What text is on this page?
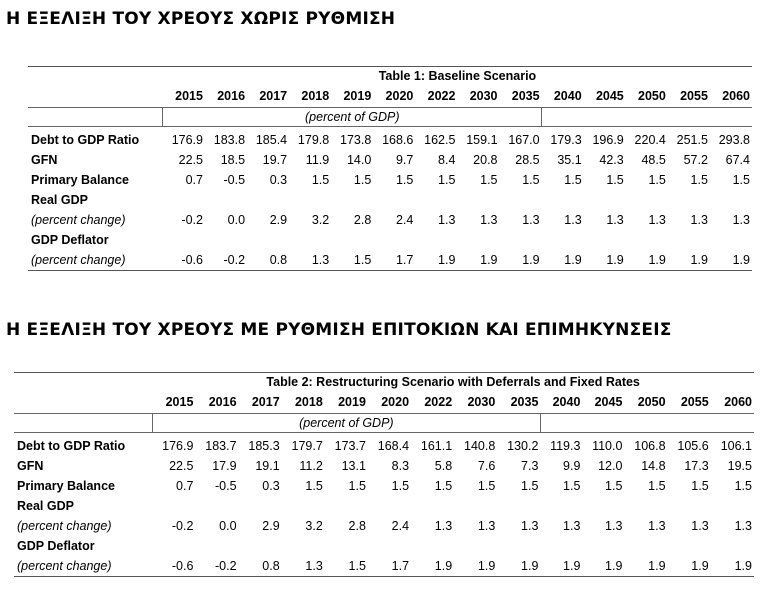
Η ΕΞΕΛΙΞΗ ΤΟΥ ΧΡΕΟΥΣ ΧΩΡΙΣ ΡΥΘΜΙΣΗ
	Table 1: Baseline Scenario													
	2015	2016	2017	2018	2019	2020	2022	2030	2035	2040	2045	2050	2055	2060
	(percent of GDP)													
Debt to GDP Ratio	176.9	183.8	185.4	179.8	173.8	168.6	162.5	159.1	167.0	179.3	196.9	220.4	251.5	293.8
GFN	22.5	18.5	19.7	11.9	14.0	9.7	8.4	20.8	28.5	35.1	42.3	48.5	57.2	67.4
Primary Balance	0.7	-0.5	0.3	1.5	1.5	1.5	1.5	1.5	1.5	1.5	1.5	1.5	1.5	1.5
Real GDP														
(percent change)	-0.2	0.0	2.9	3.2	2.8	2.4	1.3	1.3	1.3	1.3	1.3	1.3	1.3	1.3
GDP Deflator														
(percent change)	-0.6	-0.2	0.8	1.3	1.5	1.7	1.9	1.9	1.9	1.9	1.9	1.9	1.9	1.9
Η ΕΞΕΛΙΞΗ ΤΟΥ ΧΡΕΟΥΣ ΜΕ ΡΥΘΜΙΣΗ ΕΠΙΤΟΚΙΩΝ ΚΑΙ ΕΠΙΜΗΚΥΝΣΕΙΣ
	Table 2: Restructuring Scenario with Deferrals and Fixed Rates													
	2015	2016	2017	2018	2019	2020	2022	2030	2035	2040	2045	2050	2055	2060
	(percent of GDP)													
Debt to GDP Ratio	176.9	183.7	185.3	179.7	173.7	168.4	161.1	140.8	130.2	119.3	110.0	106.8	105.6	106.1
GFN	22.5	17.9	19.1	11.2	13.1	8.3	5.8	7.6	7.3	9.9	12.0	14.8	17.3	19.5
Primary Balance	0.7	-0.5	0.3	1.5	1.5	1.5	1.5	1.5	1.5	1.5	1.5	1.5	1.5	1.5
Real GDP														
(percent change)	-0.2	0.0	2.9	3.2	2.8	2.4	1.3	1.3	1.3	1.3	1.3	1.3	1.3	1.3
GDP Deflator														
(percent change)	-0.6	-0.2	0.8	1.3	1.5	1.7	1.9	1.9	1.9	1.9	1.9	1.9	1.9	1.9
